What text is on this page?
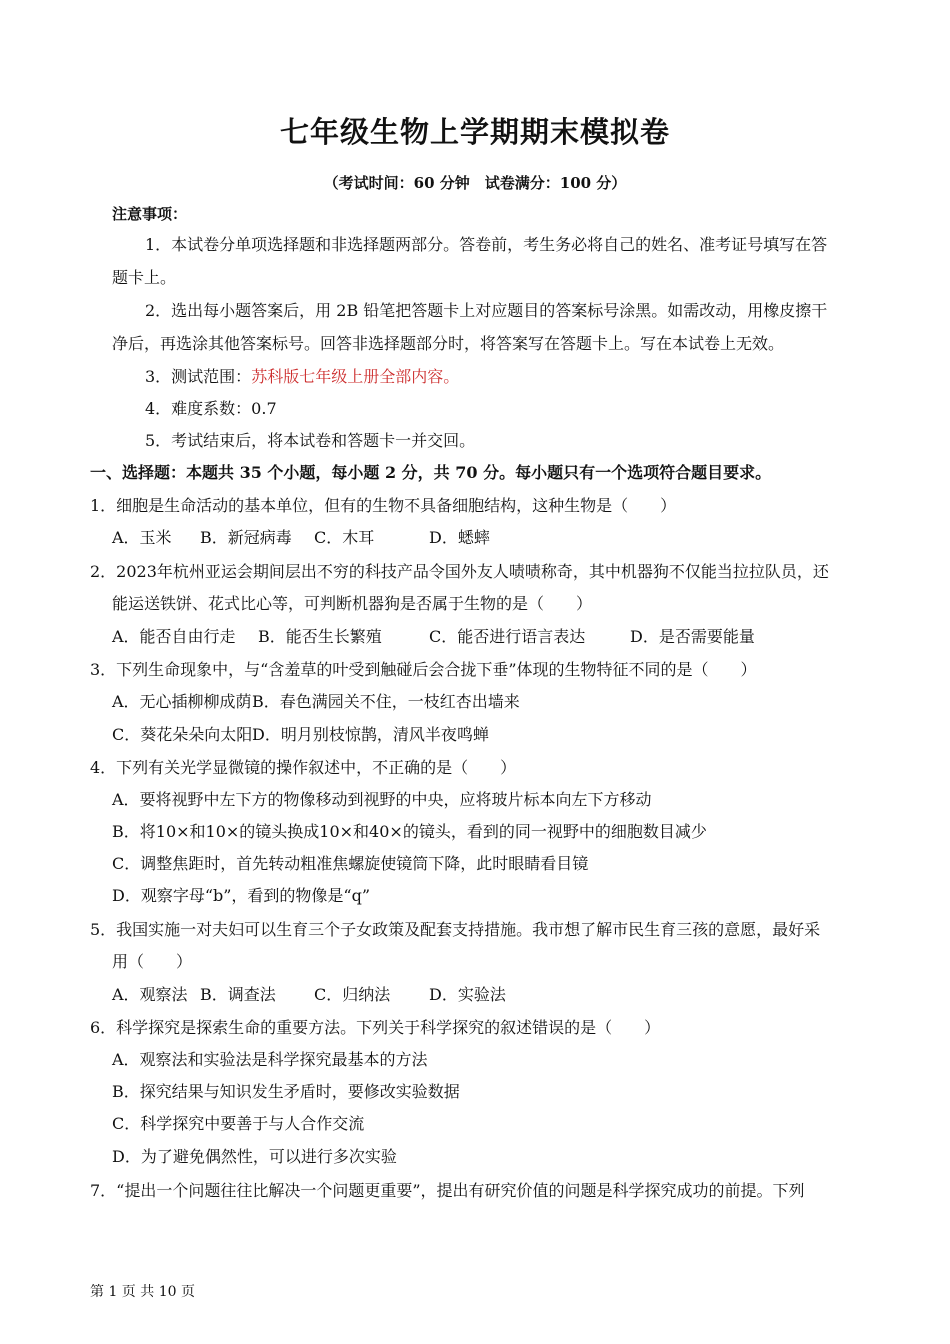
七年级生物上学期期末模拟卷
（考试时间：60 分钟　试卷满分：100 分）
注意事项：
1．本试卷分单项选择题和非选择题两部分。答卷前，考生务必将自己的姓名、准考证号填写在答
题卡上。
2．选出每小题答案后，用 2B 铅笔把答题卡上对应题目的答案标号涂黑。如需改动，用橡皮擦干
净后，再选涂其他答案标号。回答非选择题部分时，将答案写在答题卡上。写在本试卷上无效。
3．测试范围：苏科版七年级上册全部内容。
4．难度系数：0.7
5．考试结束后，将本试卷和答题卡一并交回。
一、选择题：本题共 35 个小题，每小题 2 分，共 70 分。每小题只有一个选项符合题目要求。
1．细胞是生命活动的基本单位，但有的生物不具备细胞结构，这种生物是（　　）
A．玉米 B．新冠病毒 C．木耳	D．蟋蟀
2．2023年杭州亚运会期间层出不穷的科技产品令国外友人啧啧称奇，其中机器狗不仅能当拉拉队员，还
能运送铁饼、花式比心等，可判断机器狗是否属于生物的是（　　）
A．能否自由行走 B．能否生长繁殖	C．能否进行语言表达	D．是否需要能量
3．下列生命现象中，与“含羞草的叶受到触碰后会合拢下垂”体现的生物特征不同的是（　　）
A．无心插柳柳成荫 B．春色满园关不住，一枝红杏出墙来
C．葵花朵朵向太阳 D．明月别枝惊鹊，清风半夜鸣蝉
4．下列有关光学显微镜的操作叙述中，不正确的是（　　）
A．要将视野中左下方的物像移动到视野的中央，应将玻片标本向左下方移动
B．将10×和10×的镜头换成10×和40×的镜头，看到的同一视野中的细胞数目减少
C．调整焦距时，首先转动粗准焦螺旋使镜筒下降，此时眼睛看目镜
D．观察字母“b”，看到的物像是“q”
5．我国实施一对夫妇可以生育三个子女政策及配套支持措施。我市想了解市民生育三孩的意愿，最好采
用（　　）
A．观察法 B．调查法 C．归纳法 D．实验法
6．科学探究是探索生命的重要方法。下列关于科学探究的叙述错误的是（　　）
A．观察法和实验法是科学探究最基本的方法
B．探究结果与知识发生矛盾时，要修改实验数据
C．科学探究中要善于与人合作交流
D．为了避免偶然性，可以进行多次实验
7．“提出一个问题往往比解决一个问题更重要”，提出有研究价值的问题是科学探究成功的前提。下列
第 1 页 共 10 页
